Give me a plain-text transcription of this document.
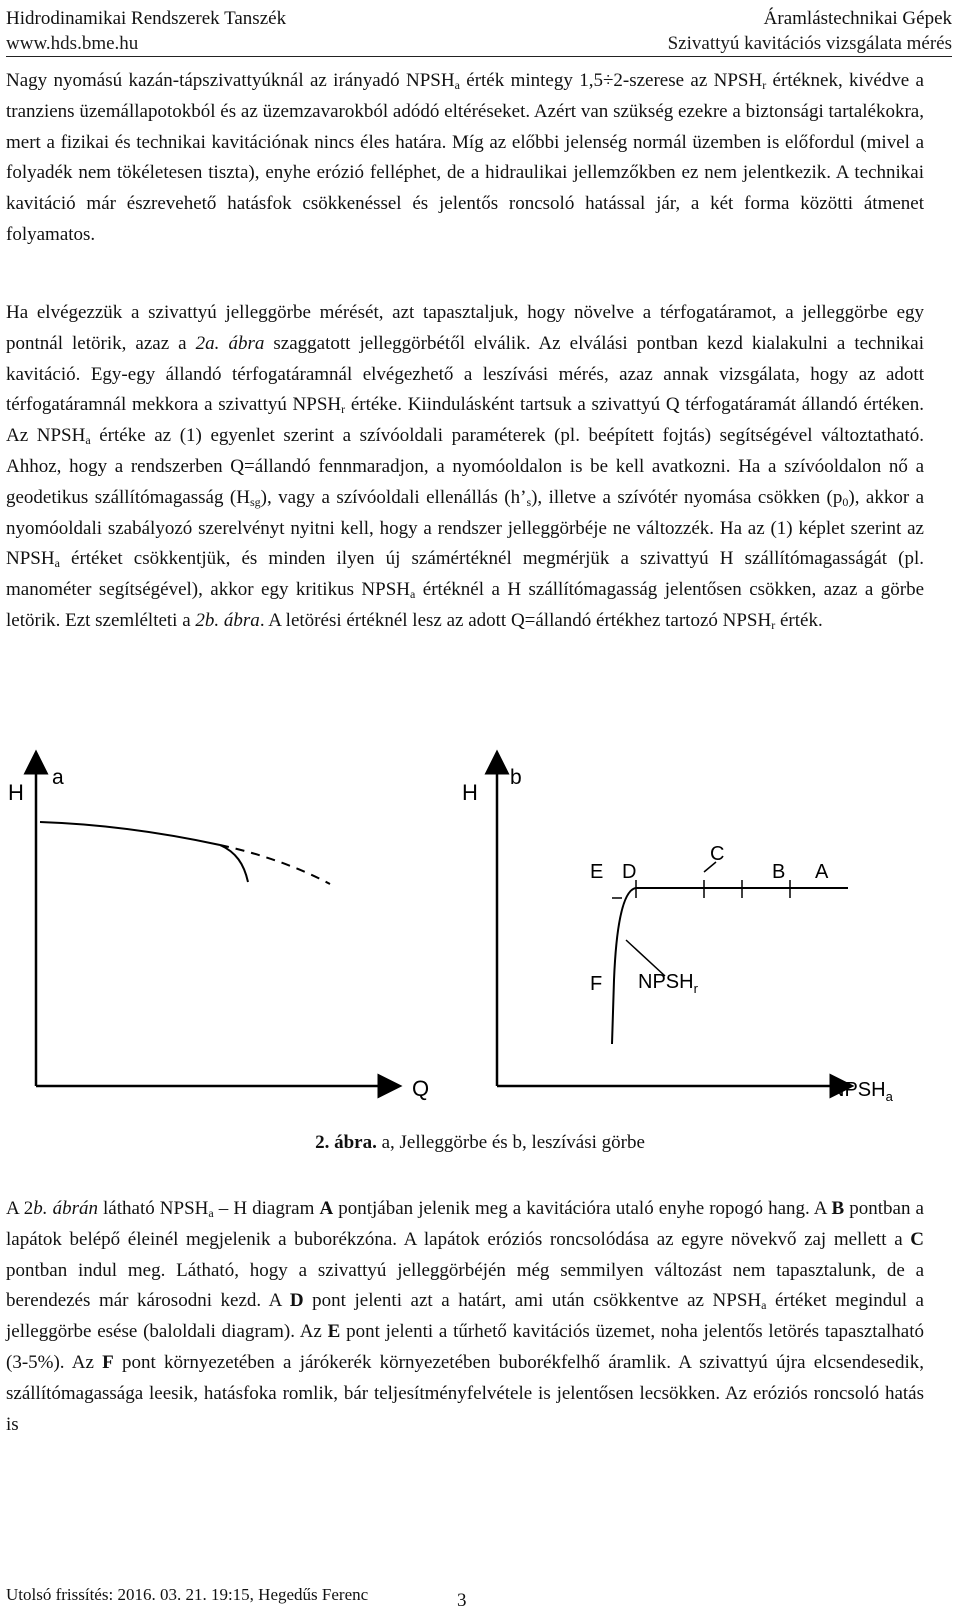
Hidrodinamikai Rendszerek Tanszék
www.hds.bme.hu
Áramlástechnikai Gépek
Szivattyú kavitációs vizsgálata mérés

Nagy nyomású kazán-tápszivattyúknál az irányadó $NPSH_a$ érték mintegy 1,5÷2-szerese az $NPSH_r$ értéknek, kivédve a tranziens üzemállapotokból és az üzemzavarokból adódó eltéréseket. Azért van szükség ezekre a biztonsági tartalékokra, mert a fizikai és technikai kavitációnak nincs éles határa. Míg az előbbi jelenség normál üzemben is előfordul (mivel a folyadék nem tökéletesen tiszta), enyhe erózió felléphet, de a hidraulikai jellemzőkben ez nem jelentkezik. A technikai kavitáció már észrevehető hatásfok csökkenéssel és jelentős roncsoló hatással jár, a két forma közötti átmenet folyamatos.

Ha elvégezzük a szivattyú jelleggörbe mérését, azt tapasztaljuk, hogy növelve a térfogatáramot, a jelleggörbe egy pontnál letörik, azaz a 2a. ábra szaggatott jelleggörbétől elválik. Az elválási pontban kezd kialakulni a technikai kavitáció. Egy-egy állandó térfogatáramnál elvégezhető a leszívási mérés, azaz annak vizsgálata, hogy az adott térfogatáramnál mekkora a szivattyú $NPSH_r$ értéke. Kiindulásként tartsuk a szivattyú Q térfogatáramát állandó értéken. Az $NPSH_a$ értéke az (1) egyenlet szerint a szívóoldali paraméterek (pl. beépített fojtás) segítségével változtatható. Ahhoz, hogy a rendszerben Q=állandó fennmaradjon, a nyomóoldalon is be kell avatkozni. Ha a szívóoldalon nő a geodetikus szállítómagasság $(H_{sg})$, vagy a szívóoldali ellenállás $(h’_s)$, illetve a szívótér nyomása csökken $(p_0)$, akkor a nyomóoldali szabályozó szerelvényt nyitni kell, hogy a rendszer jelleggörbéje ne változzék. Ha az (1) képlet szerint az $NPSH_a$ értéket csökkentjük, és minden ilyen új számértéknél megmérjük a szivattyú H szállítómagasságát (pl. manométer segítségével), akkor egy kritikus $NPSH_a$ értéknél a H szállítómagasság jelentősen csökken, azaz a görbe letörik. Ezt szemlélteti a 2b. ábra. A letörési értéknél lesz az adott Q=állandó értékhez tartozó $NPSH_r$ érték.

H
a
Q
H
b
E D
C
B A
F $NPSH_r$
$NPSH_a$
2. ábra. a, Jelleggörbe és b, leszívási görbe

A 2b. ábrán látható $NPSH_a$ – H diagram A pontjában jelenik meg a kavitációra utaló enyhe ropogó hang. A B pontban a lapátok belépő éleinél megjelenik a buborékzóna. A lapátok eróziós roncsolódása az egyre növekvő zaj mellett a C pontban indul meg. Látható, hogy a szivattyú jelleggörbéjén még semmilyen változást nem tapasztalunk, de a berendezés már károsodni kezd. A D pont jelenti azt a határt, ami után csökkentve az $NPSH_a$ értéket megindul a jelleggörbe esése (baloldali diagram). Az E pont jelenti a tűrhető kavitációs üzemet, noha jelentős letörés tapasztalható (3-5%). Az F pont környezetében a járókerék környezetében buborékfelhő áramlik. A szivattyú újra elcsendesedik, szállítómagassága leesik, hatásfoka romlik, bár teljesítményfelvétele is jelentősen lecsökken. Az eróziós roncsoló hatás is

Utolsó frissítés: 2016. 03. 21. 19:15, Hegedűs Ferenc	3
